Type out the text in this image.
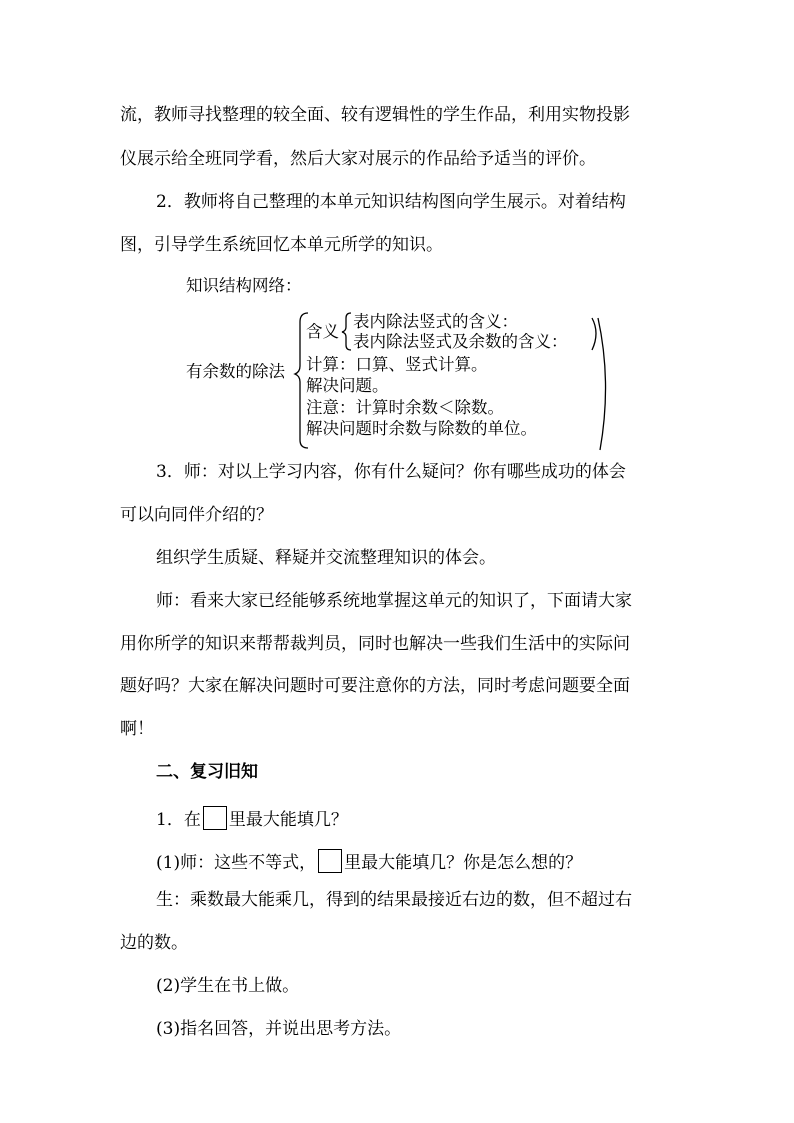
流，教师寻找整理的较全面、较有逻辑性的学生作品，利用实物投影
仪展示给全班同学看，然后大家对展示的作品给予适当的评价。
2．教师将自己整理的本单元知识结构图向学生展示。对着结构
图，引导学生系统回忆本单元所学的知识。
知识结构网络：
有余数的除法
含义
表内除法竖式的含义：
表内除法竖式及余数的含义：
计算：口算、竖式计算。
解决问题。
注意：计算时余数＜除数。
解决问题时余数与除数的单位。
3．师：对以上学习内容，你有什么疑问？你有哪些成功的体会
可以向同伴介绍的？
组织学生质疑、释疑并交流整理知识的体会。
师：看来大家已经能够系统地掌握这单元的知识了，下面请大家
用你所学的知识来帮帮裁判员，同时也解决一些我们生活中的实际问
题好吗？大家在解决问题时可要注意你的方法，同时考虑问题要全面
啊！
二、复习旧知
1．在 里最大能填几？
(1)师：这些不等式， 里最大能填几？你是怎么想的？
生：乘数最大能乘几，得到的结果最接近右边的数，但不超过右
边的数。
(2)学生在书上做。
(3)指名回答，并说出思考方法。
